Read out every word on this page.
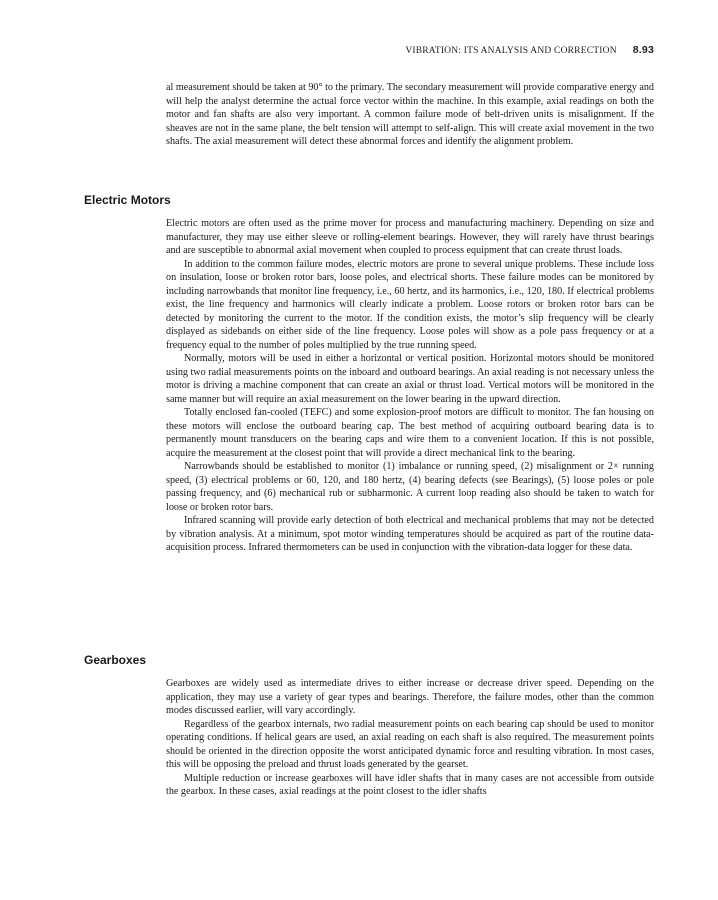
VIBRATION: ITS ANALYSIS AND CORRECTION 8.93

al measurement should be taken at 90° to the primary. The secondary measurement will provide comparative energy and will help the analyst determine the actual force vector within the machine. In this example, axial readings on both the motor and fan shafts are also very important. A common failure mode of belt-driven units is misalignment. If the sheaves are not in the same plane, the belt tension will attempt to self-align. This will create axial movement in the two shafts. The axial measurement will detect these abnormal forces and identify the alignment problem.

Electric Motors

Electric motors are often used as the prime mover for process and manufacturing machinery. Depending on size and manufacturer, they may use either sleeve or rolling-element bearings. However, they will rarely have thrust bearings and are susceptible to abnormal axial movement when coupled to process equipment that can create thrust loads.

In addition to the common failure modes, electric motors are prone to several unique problems. These include loss on insulation, loose or broken rotor bars, loose poles, and electrical shorts. These failure modes can be monitored by including narrowbands that monitor line frequency, i.e., 60 hertz, and its harmonics, i.e., 120, 180. If electrical problems exist, the line frequency and harmonics will clearly indicate a problem. Loose rotors or broken rotor bars can be detected by monitoring the current to the motor. If the condition exists, the motor’s slip frequency will be clearly displayed as sidebands on either side of the line frequency. Loose poles will show as a pole pass frequency or at a frequency equal to the number of poles multiplied by the true running speed.

Normally, motors will be used in either a horizontal or vertical position. Horizontal motors should be monitored using two radial measurements points on the inboard and outboard bearings. An axial reading is not necessary unless the motor is driving a machine component that can create an axial or thrust load. Vertical motors will be monitored in the same manner but will require an axial measurement on the lower bearing in the upward direction.

Totally enclosed fan-cooled (TEFC) and some explosion-proof motors are difficult to monitor. The fan housing on these motors will enclose the outboard bearing cap. The best method of acquiring outboard bearing data is to permanently mount transducers on the bearing caps and wire them to a convenient location. If this is not possible, acquire the measurement at the closest point that will provide a direct mechanical link to the bearing.

Narrowbands should be established to monitor (1) imbalance or running speed, (2) misalignment or 2× running speed, (3) electrical problems or 60, 120, and 180 hertz, (4) bearing defects (see Bearings), (5) loose poles or pole passing frequency, and (6) mechanical rub or subharmonic. A current loop reading also should be taken to watch for loose or broken rotor bars.

Infrared scanning will provide early detection of both electrical and mechanical problems that may not be detected by vibration analysis. At a minimum, spot motor winding temperatures should be acquired as part of the routine data-acquisition process. Infrared thermometers can be used in conjunction with the vibration-data logger for these data.

Gearboxes

Gearboxes are widely used as intermediate drives to either increase or decrease driver speed. Depending on the application, they may use a variety of gear types and bearings. Therefore, the failure modes, other than the common modes discussed earlier, will vary accordingly.

Regardless of the gearbox internals, two radial measurement points on each bearing cap should be used to monitor operating conditions. If helical gears are used, an axial reading on each shaft is also required. The measurement points should be oriented in the direction opposite the worst anticipated dynamic force and resulting vibration. In most cases, this will be opposing the preload and thrust loads generated by the gearset.

Multiple reduction or increase gearboxes will have idler shafts that in many cases are not accessible from outside the gearbox. In these cases, axial readings at the point closest to the idler shafts
